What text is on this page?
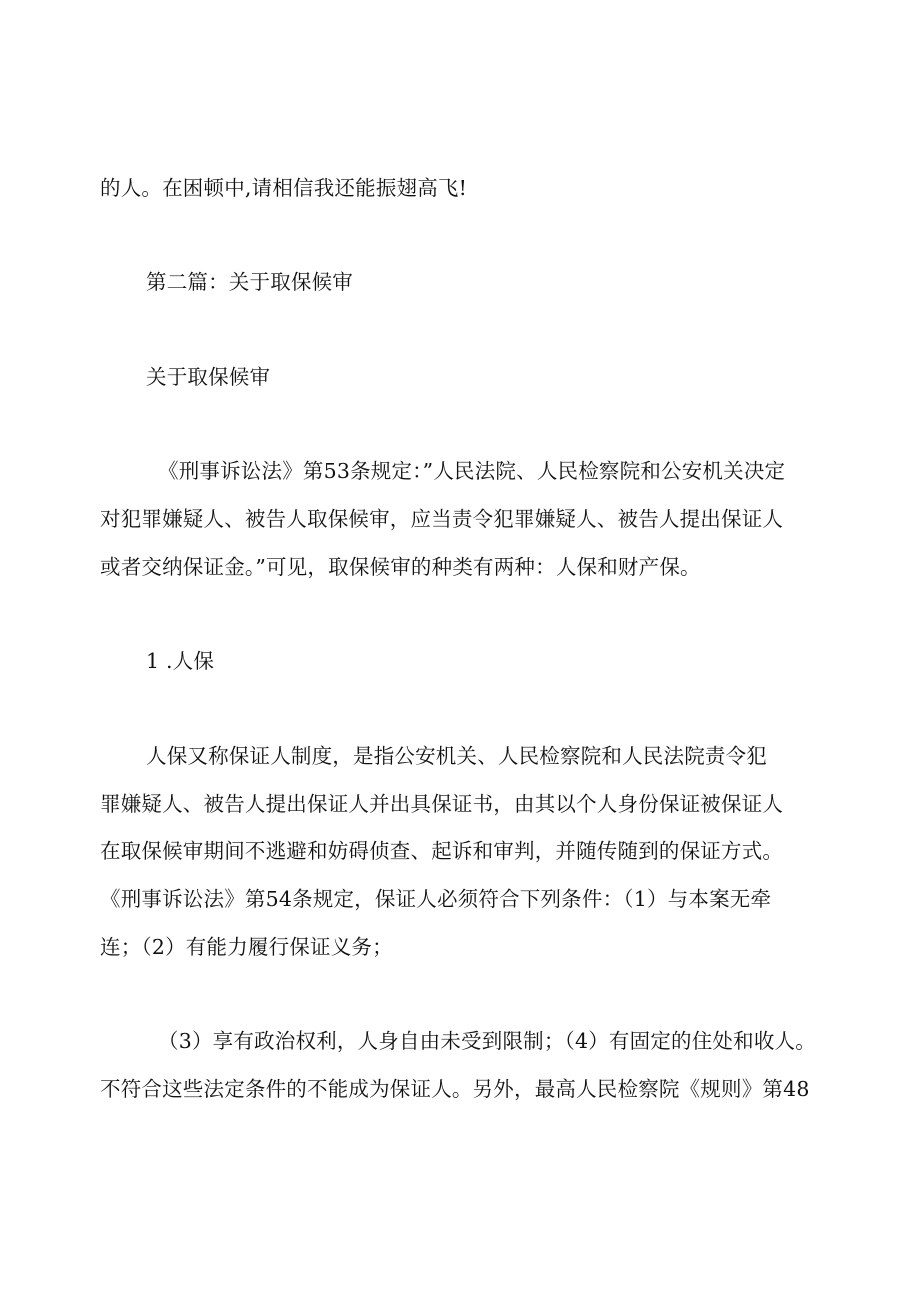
的人。在困顿中,请相信我还能振翅高飞!
第二篇：关于取保候审
关于取保候审
《刑事诉讼法》第53条规定：”人民法院、人民检察院和公安机关决定
对犯罪嫌疑人、被告人取保候审，应当责令犯罪嫌疑人、被告人提出保证人
或者交纳保证金。”可见，取保候审的种类有两种：人保和财产保。
1 .人保
人保又称保证人制度，是指公安机关、人民检察院和人民法院责令犯
罪嫌疑人、被告人提出保证人并出具保证书，由其以个人身份保证被保证人
在取保候审期间不逃避和妨碍侦查、起诉和审判，并随传随到的保证方式。
《刑事诉讼法》第54条规定，保证人必须符合下列条件：（1）与本案无牵
连；（2）有能力履行保证义务；
（3）享有政治权利，人身自由未受到限制；（4）有固定的住处和收人。
不符合这些法定条件的不能成为保证人。另外，最高人民检察院《规则》第48
